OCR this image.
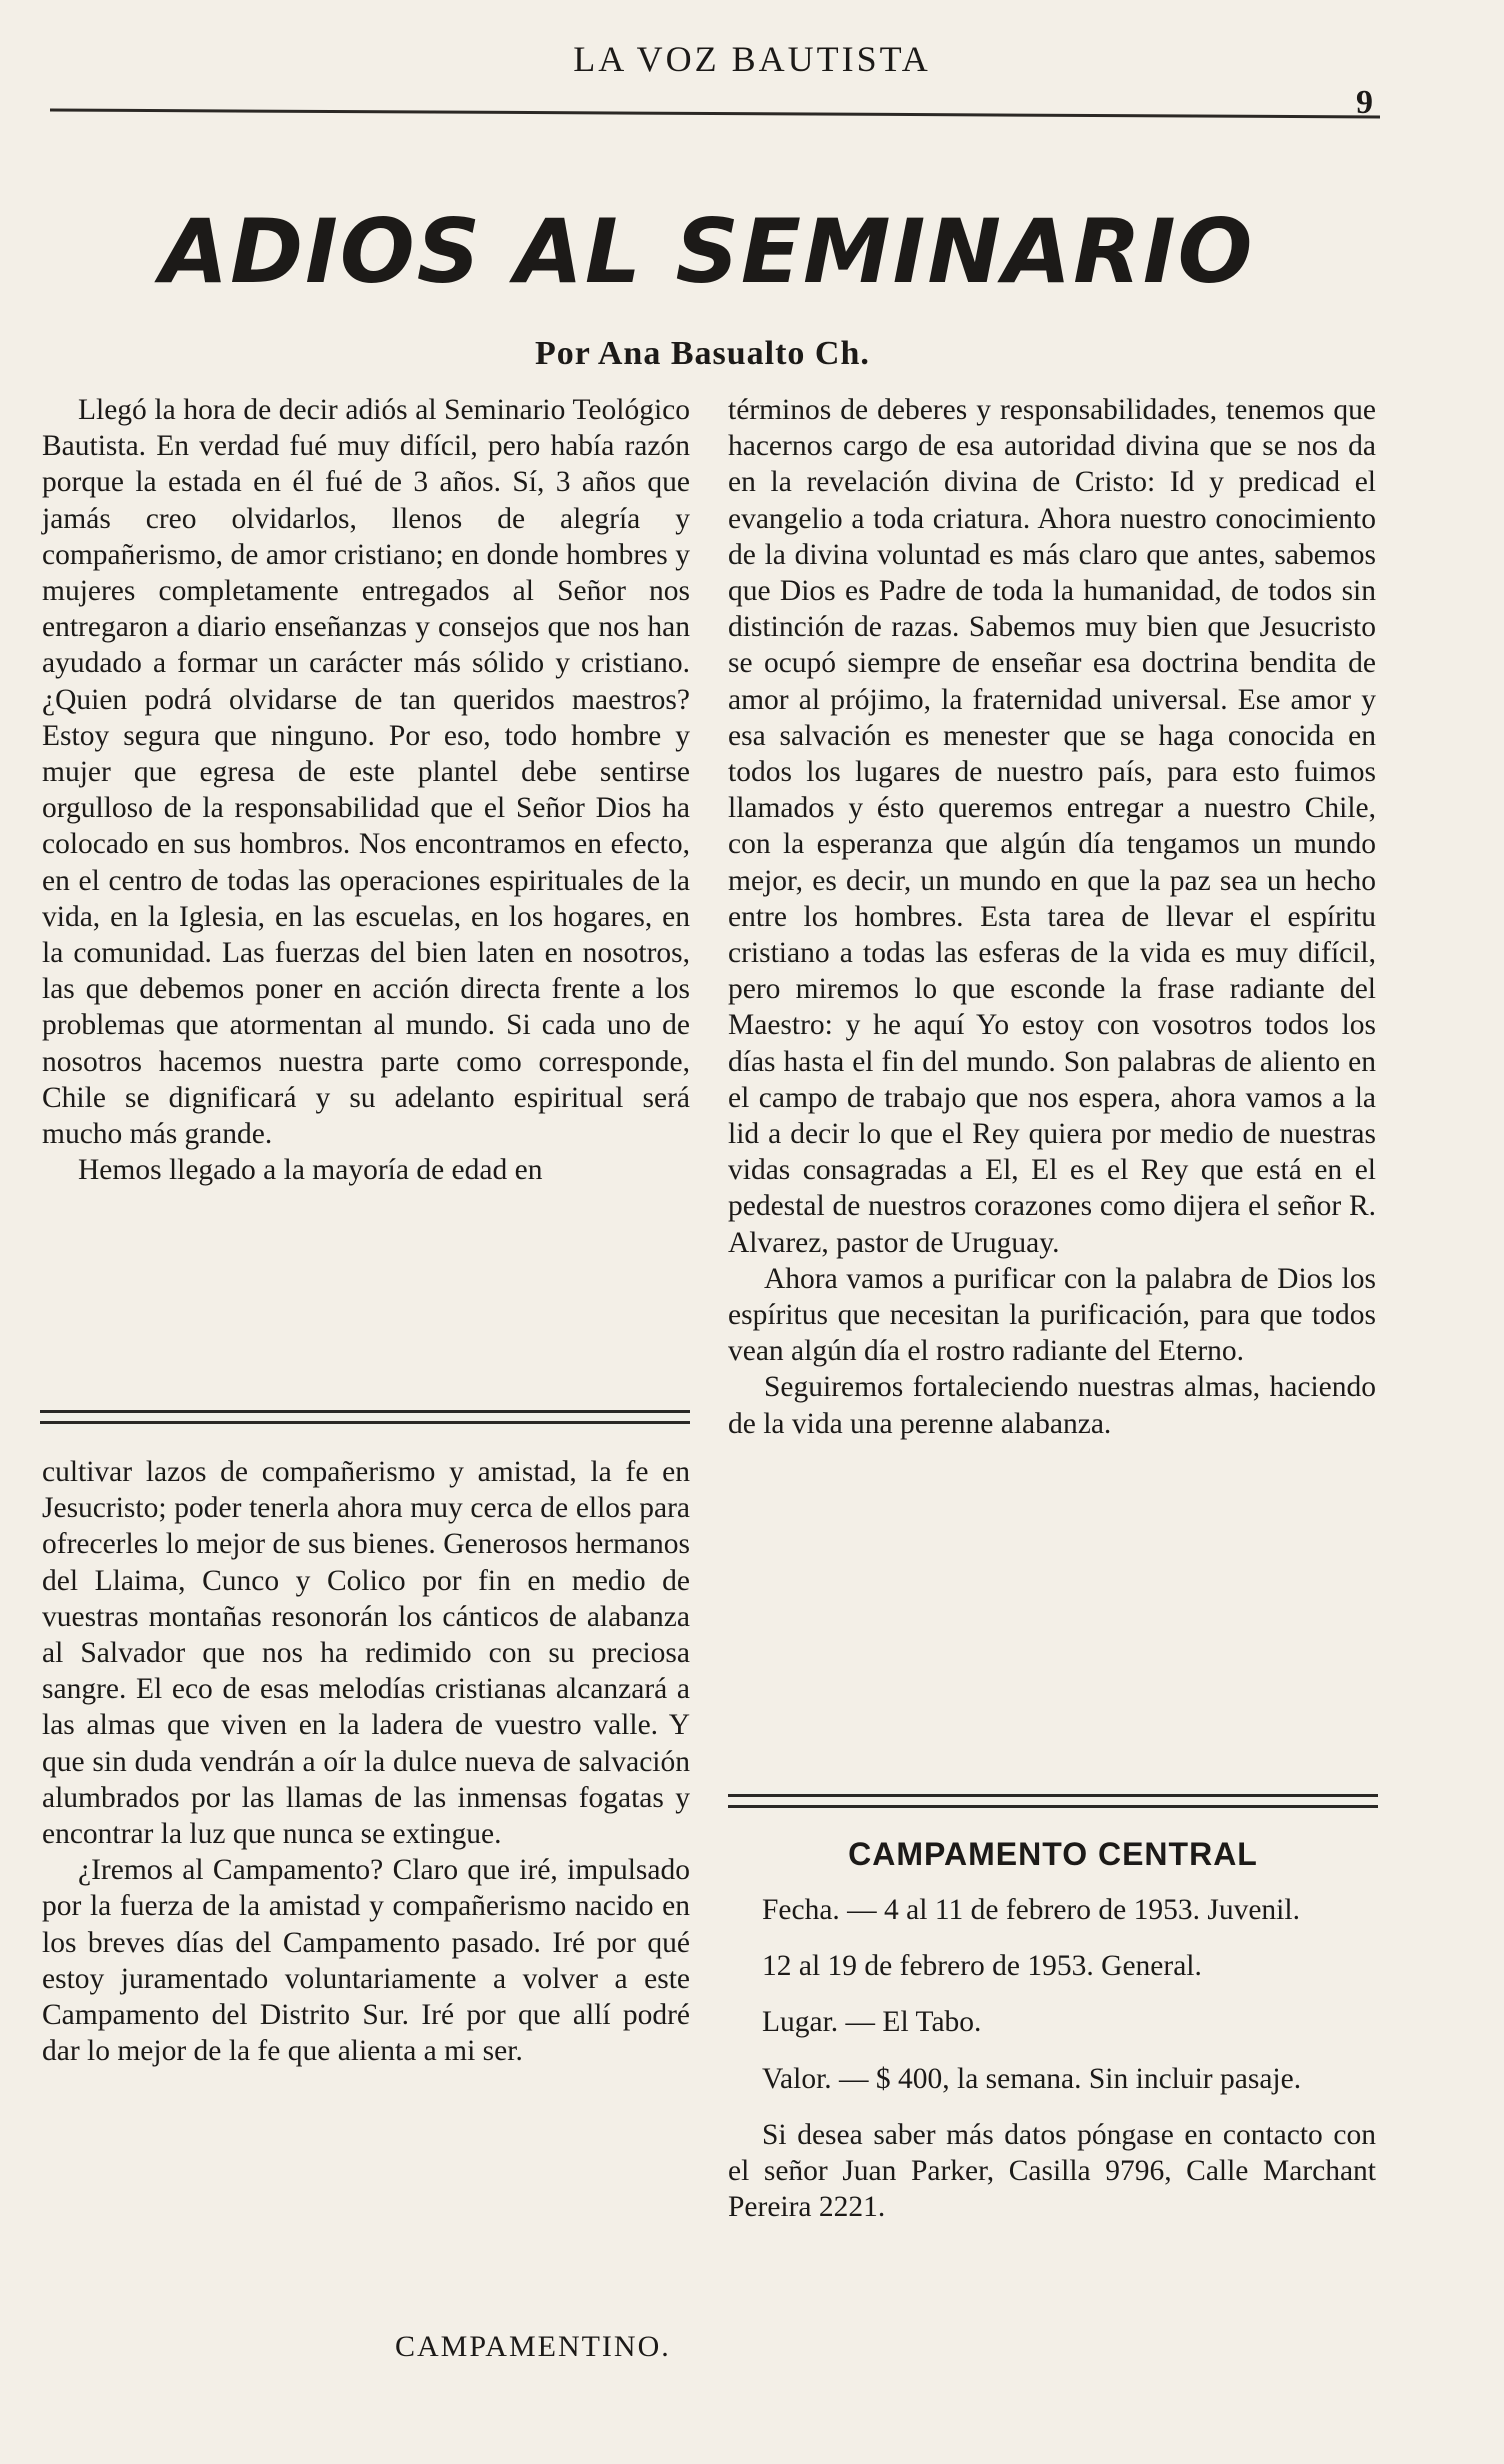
LA VOZ BAUTISTA
9
ADIOS AL SEMINARIO
Por Ana Basualto Ch.

Llegó la hora de decir adiós al Seminario Teológico Bautista. En verdad fué muy difícil, pero había razón porque la estada en él fué de 3 años. Sí, 3 años que jamás creo olvidarlos, llenos de alegría y compañerismo, de amor cristiano; en donde hombres y mujeres completamente entregados al Señor nos entregaron a diario enseñanzas y consejos que nos han ayudado a formar un carácter más sólido y cristiano. ¿Quien podrá olvidarse de tan queridos maestros? Estoy segura que ninguno. Por eso, todo hombre y mujer que egresa de este plantel debe sentirse orgulloso de la responsabilidad que el Señor Dios ha colocado en sus hombros. Nos encontramos en efecto, en el centro de todas las operaciones espirituales de la vida, en la Iglesia, en las escuelas, en los hogares, en la comunidad. Las fuerzas del bien laten en nosotros, las que debemos poner en acción directa frente a los problemas que atormentan al mundo. Si cada uno de nosotros hacemos nuestra parte como corresponde, Chile se dignificará y su adelanto espiritual será mucho más grande.

Hemos llegado a la mayoría de edad en

términos de deberes y responsabilidades, tenemos que hacernos cargo de esa autoridad divina que se nos da en la revelación divina de Cristo: Id y predicad el evangelio a toda criatura. Ahora nuestro conocimiento de la divina voluntad es más claro que antes, sabemos que Dios es Padre de toda la humanidad, de todos sin distinción de razas. Sabemos muy bien que Jesucristo se ocupó siempre de enseñar esa doctrina bendita de amor al prójimo, la fraternidad universal. Ese amor y esa salvación es menester que se haga conocida en todos los lugares de nuestro país, para esto fuimos llamados y ésto queremos entregar a nuestro Chile, con la esperanza que algún día tengamos un mundo mejor, es decir, un mundo en que la paz sea un hecho entre los hombres. Esta tarea de llevar el espíritu cristiano a todas las esferas de la vida es muy difícil, pero miremos lo que esconde la frase radiante del Maestro: y he aquí Yo estoy con vosotros todos los días hasta el fin del mundo. Son palabras de aliento en el campo de trabajo que nos espera, ahora vamos a la lid a decir lo que el Rey quiera por medio de nuestras vidas consagradas a El, El es el Rey que está en el pedestal de nuestros corazones como dijera el señor R. Alvarez, pastor de Uruguay.

Ahora vamos a purificar con la palabra de Dios los espíritus que necesitan la purificación, para que todos vean algún día el rostro radiante del Eterno.

Seguiremos fortaleciendo nuestras almas, haciendo de la vida una perenne alabanza.

cultivar lazos de compañerismo y amistad, la fe en Jesucristo; poder tenerla ahora muy cerca de ellos para ofrecerles lo mejor de sus bienes. Generosos hermanos del Llaima, Cunco y Colico por fin en medio de vuestras montañas resonorán los cánticos de alabanza al Salvador que nos ha redimido con su preciosa sangre. El eco de esas melodías cristianas alcanzará a las almas que viven en la ladera de vuestro valle. Y que sin duda vendrán a oír la dulce nueva de salvación alumbrados por las llamas de las inmensas fogatas y encontrar la luz que nunca se extingue.

¿Iremos al Campamento? Claro que iré, impulsado por la fuerza de la amistad y compañerismo nacido en los breves días del Campamento pasado. Iré por qué estoy juramentado voluntariamente a volver a este Campamento del Distrito Sur. Iré por que allí podré dar lo mejor de la fe que alienta a mi ser.

CAMPAMENTINO.
CAMPAMENTO CENTRAL

Fecha. — 4 al 11 de febrero de 1953. Juvenil.

12 al 19 de febrero de 1953. General.

Lugar. — El Tabo.

Valor. — $ 400, la semana. Sin incluir pasaje.

Si desea saber más datos póngase en contacto con el señor Juan Parker, Casilla 9796, Calle Marchant Pereira 2221.
